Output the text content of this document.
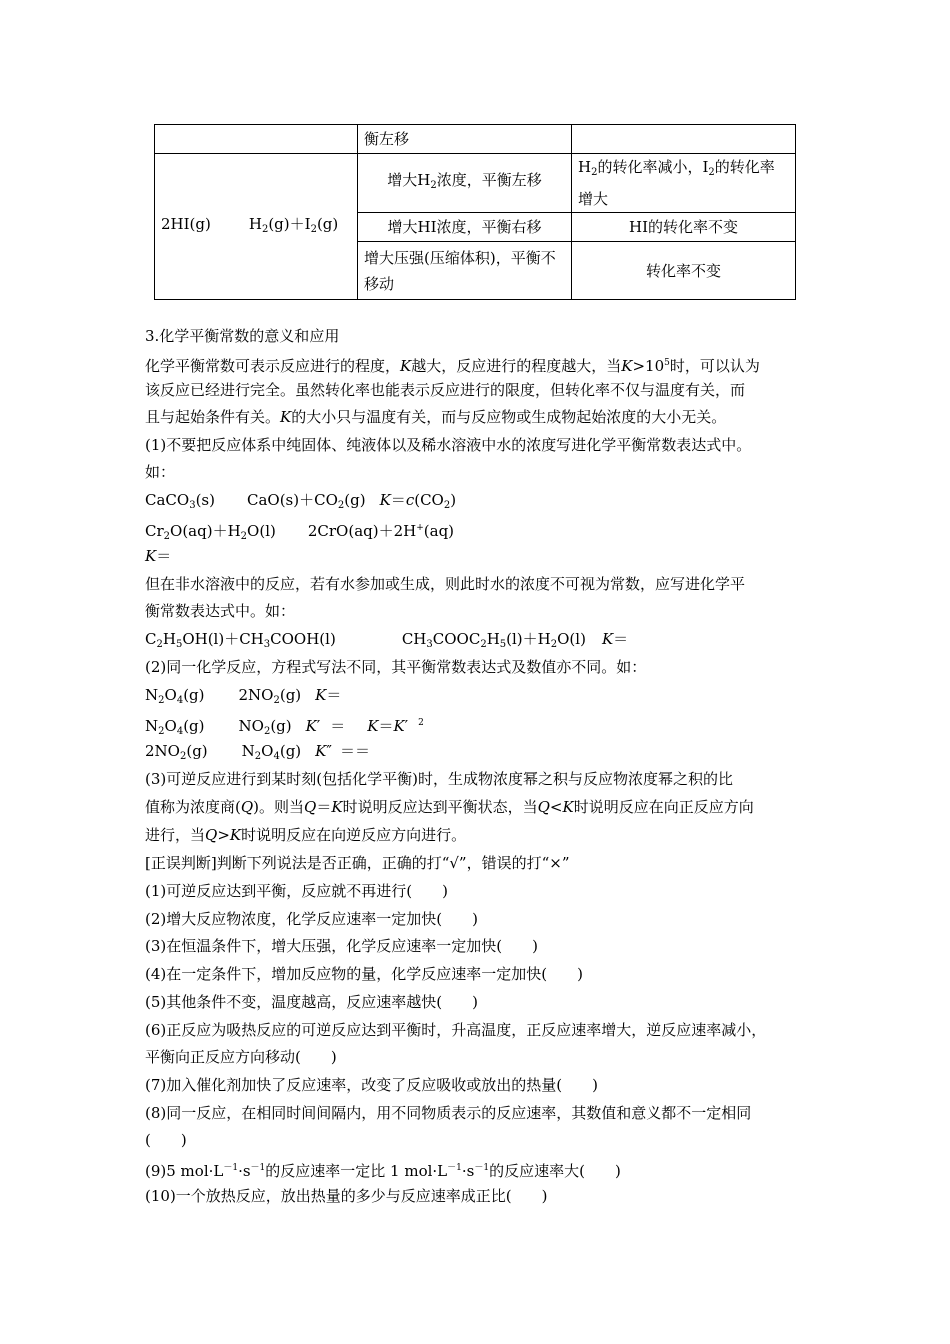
	衡左移	
2HI(g) $H_2(g)+I_2(g)$	增大$H_2$浓度，平衡左移	$H_2$的转化率减小，$I_2$的转化率增大
	增大HI浓度，平衡右移	HI的转化率不变
	增大压强(压缩体积)，平衡不移动	转化率不变
3.化学平衡常数的意义和应用
化学平衡常数可表示反应进行的程度，K越大，反应进行的程度越大，当$K>10^5$时，可以认为
该反应已经进行完全。虽然转化率也能表示反应进行的限度，但转化率不仅与温度有关，而
且与起始条件有关。K的大小只与温度有关，而与反应物或生成物起始浓度的大小无关。
(1)不要把反应体系中纯固体、纯液体以及稀水溶液中水的浓度写进化学平衡常数表达式中。
如：
CaCO$_3$(s) $CaO(s)+CO_2(g)$ $K=c(CO_2)$
$Cr_2O(aq)+H_2O(l)$ 2CrO(aq)＋2H+(aq)
K＝
但在非水溶液中的反应，若有水参加或生成，则此时水的浓度不可视为常数，应写进化学平
衡常数表达式中。如：
$C_2H_5OH(l)+CH_3COOH(l)$	$CH_3COOC_2H_5(l)+H_2O(l)$ K＝
(2)同一化学反应，方程式写法不同，其平衡常数表达式及数值亦不同。如：
$N_2O_4(g)$ $2NO_2(g)$ K＝
$N_2O_4(g)$ $NO_2(g) K' = K=K'$ $^2$
$2NO_2(g)$ $N_2O_4(g) K''$ ＝＝
(3)可逆反应进行到某时刻(包括化学平衡)时，生成物浓度幂之积与反应物浓度幂之积的比
值称为浓度商(Q)。则当Q＝K时说明反应达到平衡状态，当Q<K时说明反应在向正反应方向
进行，当Q>K时说明反应在向逆反应方向进行。
[正误判断]判断下列说法是否正确，正确的打“√”，错误的打“×”
(1)可逆反应达到平衡，反应就不再进行(　　)
(2)增大反应物浓度，化学反应速率一定加快(　　)
(3)在恒温条件下，增大压强，化学反应速率一定加快(　　)
(4)在一定条件下，增加反应物的量，化学反应速率一定加快(　　)
(5)其他条件不变，温度越高，反应速率越快(　　)
(6)正反应为吸热反应的可逆反应达到平衡时，升高温度，正反应速率增大，逆反应速率减小，
平衡向正反应方向移动(　　)
(7)加入催化剂加快了反应速率，改变了反应吸收或放出的热量(　　)
(8)同一反应，在相同时间间隔内，用不同物质表示的反应速率，其数值和意义都不一定相同
(　　)
(9)5 $mol\cdot L^{-1}\cdot s^{-1}$的反应速率一定比 1 $mol\cdot L^{-1}\cdot s^{-1}$的反应速率大(　　)
(10)一个放热反应，放出热量的多少与反应速率成正比(　　)
